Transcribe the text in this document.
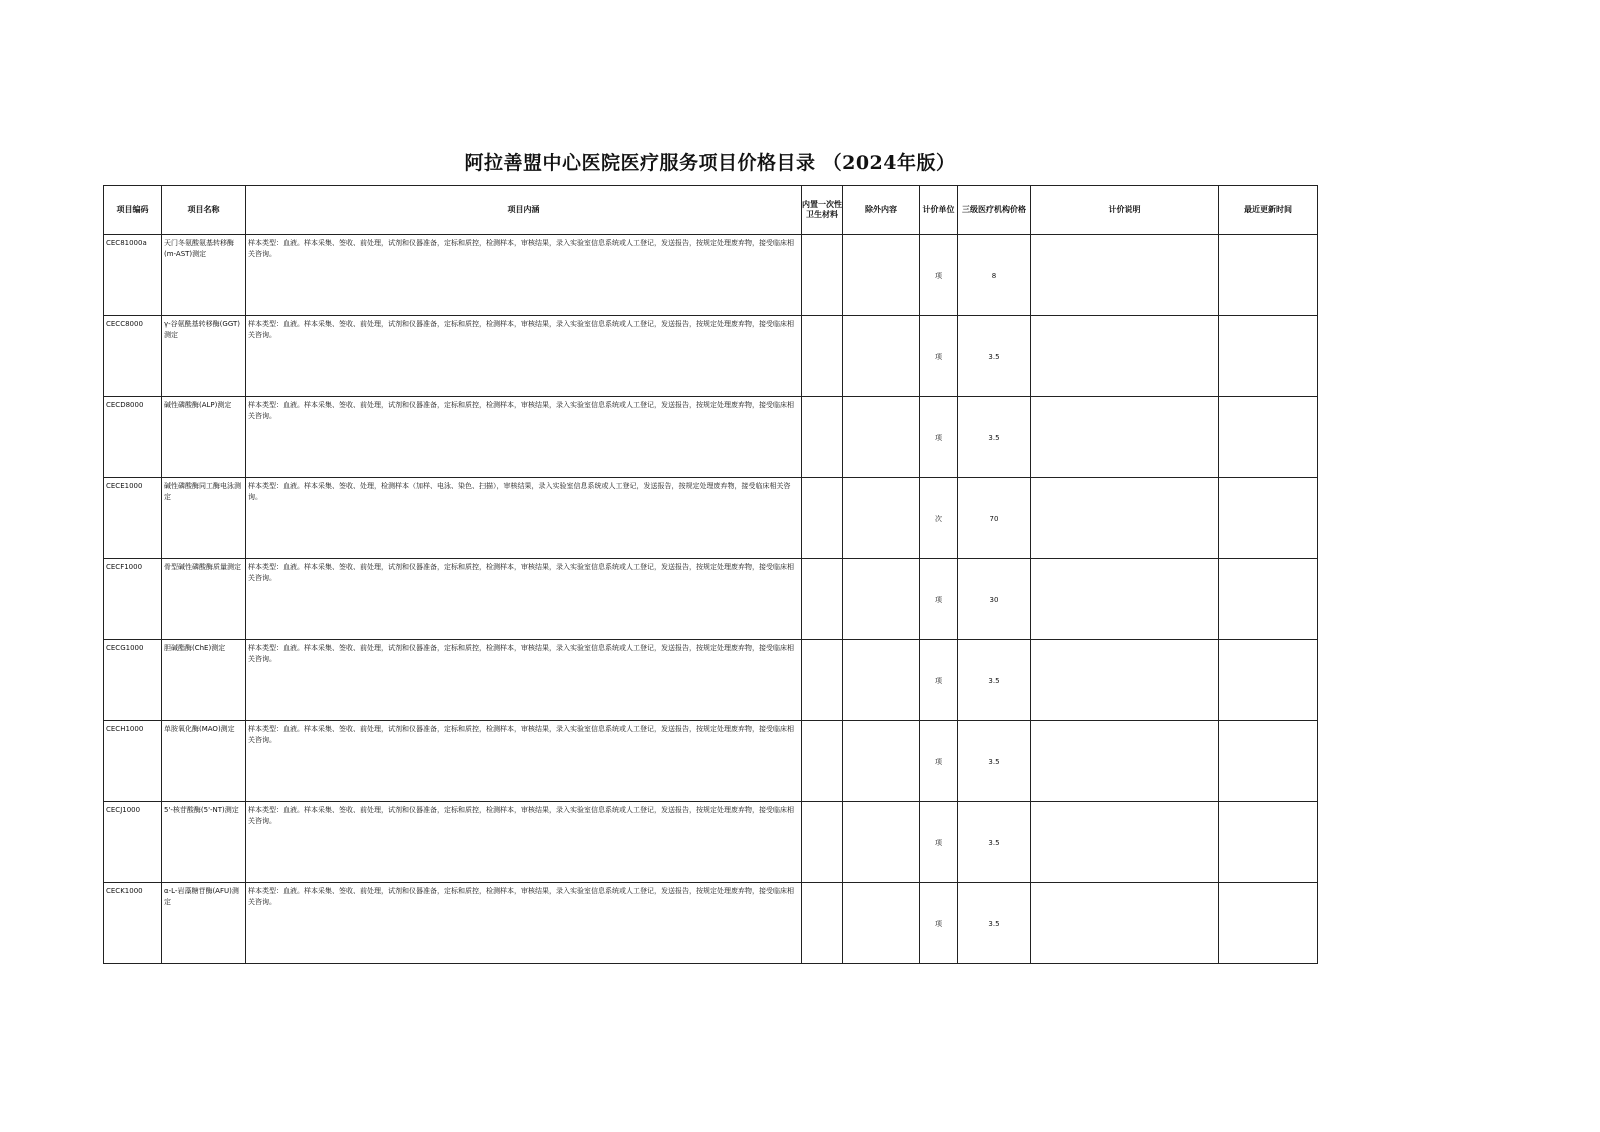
阿拉善盟中心医院医疗服务项目价格目录 （2024年版）
项目编码	项目名称	项目内涵	内置一次性卫生材料	除外内容	计价单位	三级医疗机构价格	计价说明	最近更新时间
CEC81000a	天门冬氨酸氨基转移酶(m-AST)测定	样本类型：血液。样本采集、签收、前处理，试剂和仪器准备，定标和质控，检测样本，审核结果，录入实验室信息系统或人工登记，发送报告，按规定处理废弃物，接受临床相关咨询。			项	8		
CECC8000	γ-谷氨酰基转移酶(GGT)测定	样本类型：血液。样本采集、签收、前处理，试剂和仪器准备，定标和质控，检测样本，审核结果，录入实验室信息系统或人工登记，发送报告，按规定处理废弃物，接受临床相关咨询。			项	3.5		
CECD8000	碱性磷酸酶(ALP)测定	样本类型：血液。样本采集、签收、前处理，试剂和仪器准备，定标和质控，检测样本，审核结果，录入实验室信息系统或人工登记，发送报告，按规定处理废弃物，接受临床相关咨询。			项	3.5		
CECE1000	碱性磷酸酶同工酶电泳测定	样本类型：血液。样本采集、签收、处理，检测样本（加样、电泳、染色、扫描），审核结果，录入实验室信息系统或人工登记，发送报告，按规定处理废弃物，接受临床相关咨询。			次	70		
CECF1000	骨型碱性磷酸酶质量测定	样本类型：血液。样本采集、签收、前处理，试剂和仪器准备，定标和质控，检测样本，审核结果，录入实验室信息系统或人工登记，发送报告，按规定处理废弃物，接受临床相关咨询。			项	30		
CECG1000	胆碱酯酶(ChE)测定	样本类型：血液。样本采集、签收、前处理，试剂和仪器准备，定标和质控，检测样本，审核结果，录入实验室信息系统或人工登记，发送报告，按规定处理废弃物，接受临床相关咨询。			项	3.5		
CECH1000	单胺氧化酶(MAO)测定	样本类型：血液。样本采集、签收、前处理，试剂和仪器准备，定标和质控，检测样本，审核结果，录入实验室信息系统或人工登记，发送报告，按规定处理废弃物，接受临床相关咨询。			项	3.5		
CECJ1000	5'-核苷酸酶(5'-NT)测定	样本类型：血液。样本采集、签收、前处理，试剂和仪器准备，定标和质控，检测样本，审核结果，录入实验室信息系统或人工登记，发送报告，按规定处理废弃物，接受临床相关咨询。			项	3.5		
CECK1000	α-L-岩藻糖苷酶(AFU)测定	样本类型：血液。样本采集、签收、前处理，试剂和仪器准备，定标和质控，检测样本，审核结果，录入实验室信息系统或人工登记，发送报告，按规定处理废弃物，接受临床相关咨询。			项	3.5		
